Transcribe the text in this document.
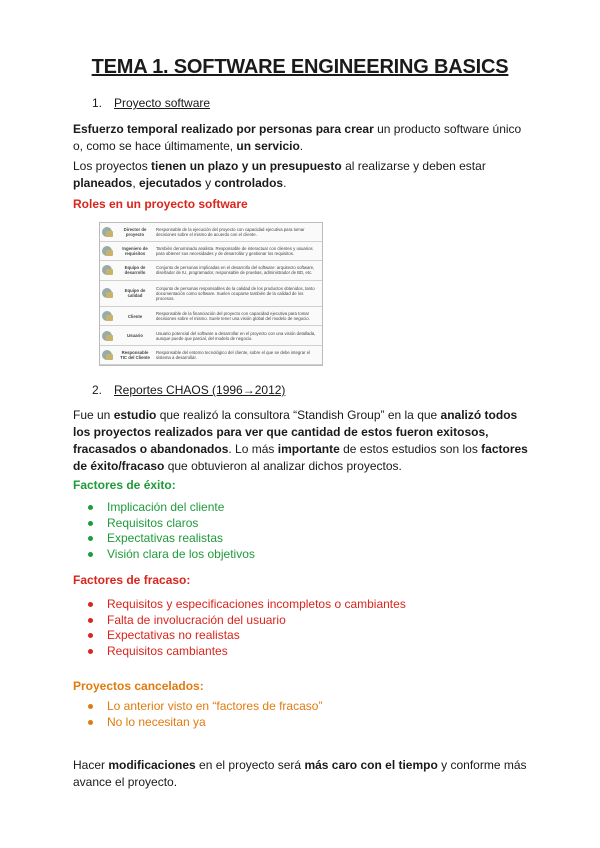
TEMA 1. SOFTWARE ENGINEERING BASICS
1. Proyecto software

Esfuerzo temporal realizado por personas para crear un producto software único o, como se hace últimamente, un servicio.

Los proyectos tienen un plazo y un presupuesto al realizarse y deben estar planeados, ejecutados y controlados.

Roles en un proyecto software
	Director de proyecto	Responsable de la ejecución del proyecto con capacidad ejecutiva para tomar decisiones sobre el mismo de acuerdo con el cliente.

	Ingeniero de requisitos	También denominado analista. Responsable de interactuar con clientes y usuarios para obtener sus necesidades y de desarrollar y gestionar los requisitos.

	Equipo de desarrollo	Conjunto de personas implicadas en el desarrollo del software: arquitecto software, diseñador de IU, programador, responsable de pruebas, administrador de BD, etc.

	Equipo de calidad	Conjunto de personas responsables de la calidad de los productos obtenidos, tanto documentación como software. Suelen ocuparse también de la calidad de los procesos.

	Cliente	Responsable de la financiación del proyecto con capacidad ejecutiva para tomar decisiones sobre el mismo. Suele tener una visión global del modelo de negocio.

	Usuario	Usuario potencial del software a desarrollar en el proyecto con una visión detallada, aunque puede que parcial, del modelo de negocio.

	Responsable TIC del Cliente	Responsable del entorno tecnológico del cliente, sobre el que se debe integrar el sistema a desarrollar.
2. Reportes CHAOS (1996→2012)

Fue un estudio que realizó la consultora “Standish Group” en la que analizó todos los proyectos realizados para ver que cantidad de estos fueron exitosos, fracasados o abandonados. Lo más importante de estos estudios son los factores de éxito/fracaso que obtuvieron al analizar dichos proyectos.

Factores de éxito:
Implicación del cliente
Requisitos claros
Expectativas realistas
Visión clara de los objetivos
Factores de fracaso:
Requisitos y especificaciones incompletos o cambiantes
Falta de involucración del usuario
Expectativas no realistas
Requisitos cambiantes
Proyectos cancelados:
Lo anterior visto en “factores de fracaso”
No lo necesitan ya

Hacer modificaciones en el proyecto será más caro con el tiempo y conforme más avance el proyecto.
